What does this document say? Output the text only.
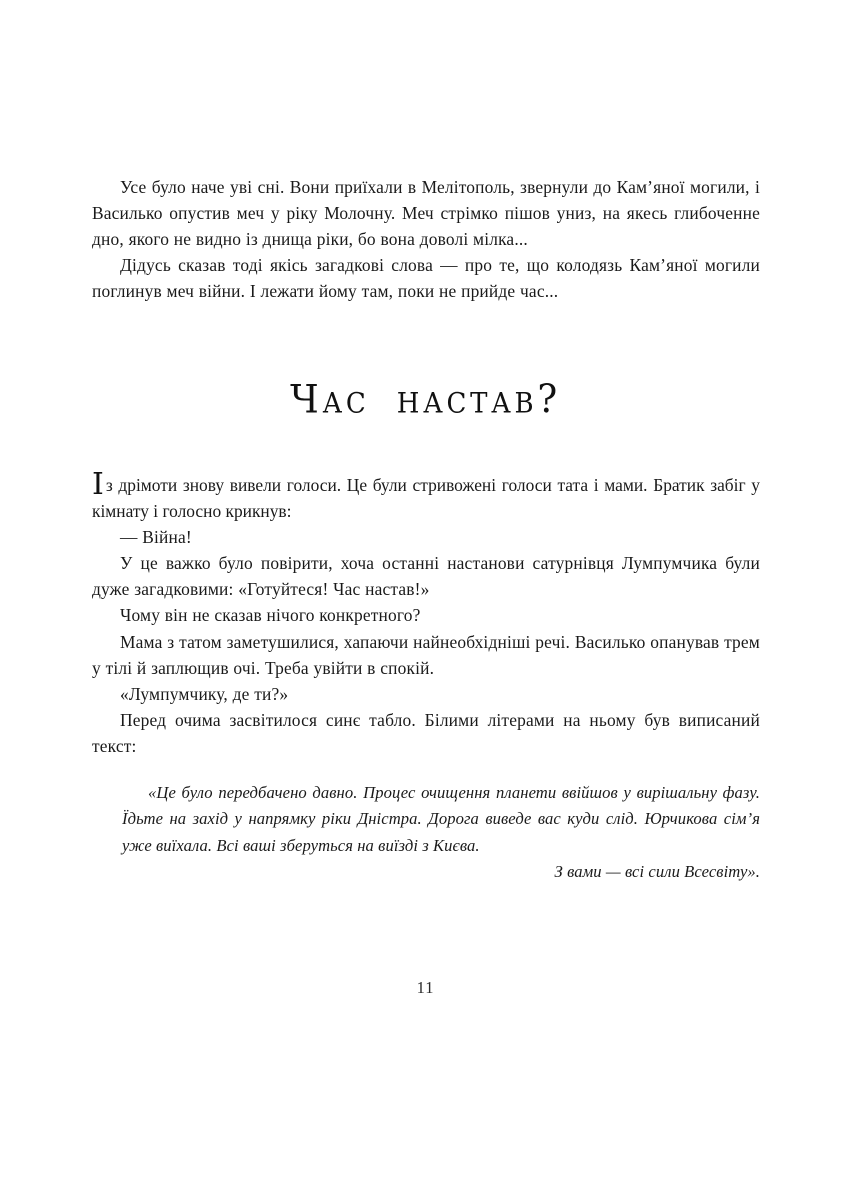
Усе було наче увi снi. Вони приїхали в Мелiтополь, звернули до Кам’яної могили, i Василько опустив меч у рiку Молочну. Меч стрiмко пiшов униз, на якесь глибоченне дно, якого не видно iз днища рiки, бо вона доволi мiлка...

Дiдусь сказав тодi якiсь загадковi слова — про те, що колодязь Кам’яної могили поглинув меч вiйни. I лежати йому там, поки не прийде час...

Час настав?

Із дрiмоти знову вивели голоси. Це були стривоженi голоси тата i мами. Братик забiг у кiмнату i голосно крикнув:

— Вiйна!

У це важко було повiрити, хоча останнi настанови сатурнiвця Лумпумчика були дуже загадковими: «Готуйтеся! Час настав!»

Чому вiн не сказав нiчого конкретного?

Мама з татом заметушилися, хапаючи найнеобхiднiшi речi. Василько опанував трем у тiлi й заплющив очi. Треба увiйти в спокiй.

«Лумпумчику, де ти?»

Перед очима засвiтилося синє табло. Бiлими лiтерами на ньому був виписаний текст:

«Це було передбачено давно. Процес очищення планети ввiйшов у вирiшальну фазу. Їдьте на захiд у напрямку рiки Днiстра. Дорога виведе вас куди слiд. Юрчикова сiм’я уже виїхала. Всi вашi зберуться на виїздi з Києва.

З вами — всi сили Всесвiту».

11
